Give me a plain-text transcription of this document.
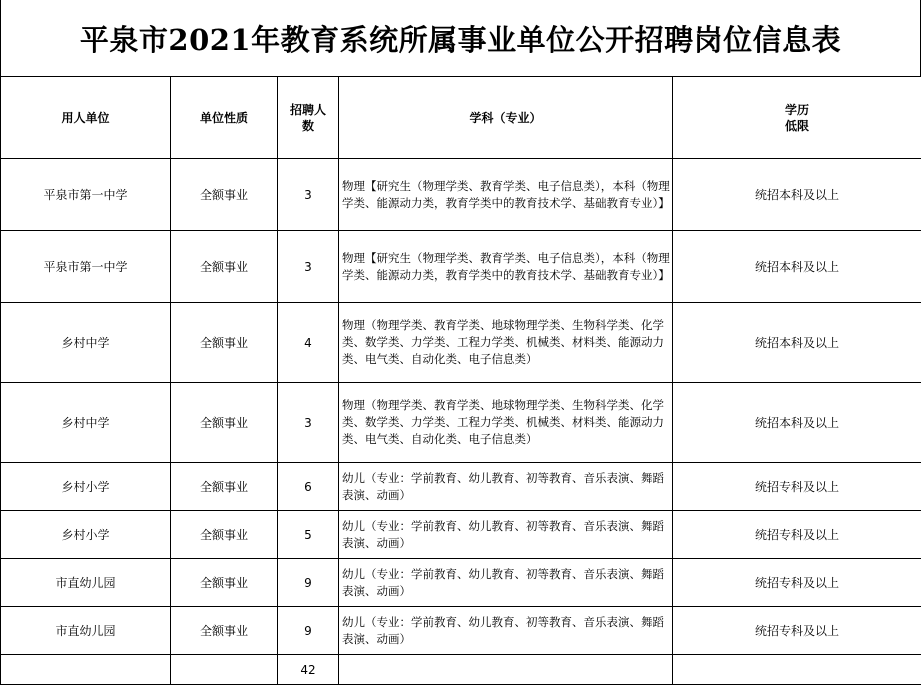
平泉市2021年教育系统所属事业单位公开招聘岗位信息表
用人单位	单位性质	招聘人数	学科（专业）	学历低限

平泉市第一中学	全额事业	3	物理【研究生（物理学类、教育学类、电子信息类），本科（物理学类、能源动力类，教育学类中的教育技术学、基础教育专业）】	统招本科及以上
平泉市第一中学	全额事业	3	物理【研究生（物理学类、教育学类、电子信息类），本科（物理学类、能源动力类，教育学类中的教育技术学、基础教育专业）】	统招本科及以上
乡村中学	全额事业	4	物理（物理学类、教育学类、地球物理学类、生物科学类、化学类、数学类、力学类、工程力学类、机械类、材料类、能源动力类、电气类、自动化类、电子信息类）	统招本科及以上
乡村中学	全额事业	3	物理（物理学类、教育学类、地球物理学类、生物科学类、化学类、数学类、力学类、工程力学类、机械类、材料类、能源动力类、电气类、自动化类、电子信息类）	统招本科及以上
乡村小学	全额事业	6	幼儿（专业：学前教育、幼儿教育、初等教育、音乐表演、舞蹈表演、动画）	统招专科及以上
乡村小学	全额事业	5	幼儿（专业：学前教育、幼儿教育、初等教育、音乐表演、舞蹈表演、动画）	统招专科及以上
市直幼儿园	全额事业	9	幼儿（专业：学前教育、幼儿教育、初等教育、音乐表演、舞蹈表演、动画）	统招专科及以上
市直幼儿园	全额事业	9	幼儿（专业：学前教育、幼儿教育、初等教育、音乐表演、舞蹈表演、动画）	统招专科及以上
		42		
